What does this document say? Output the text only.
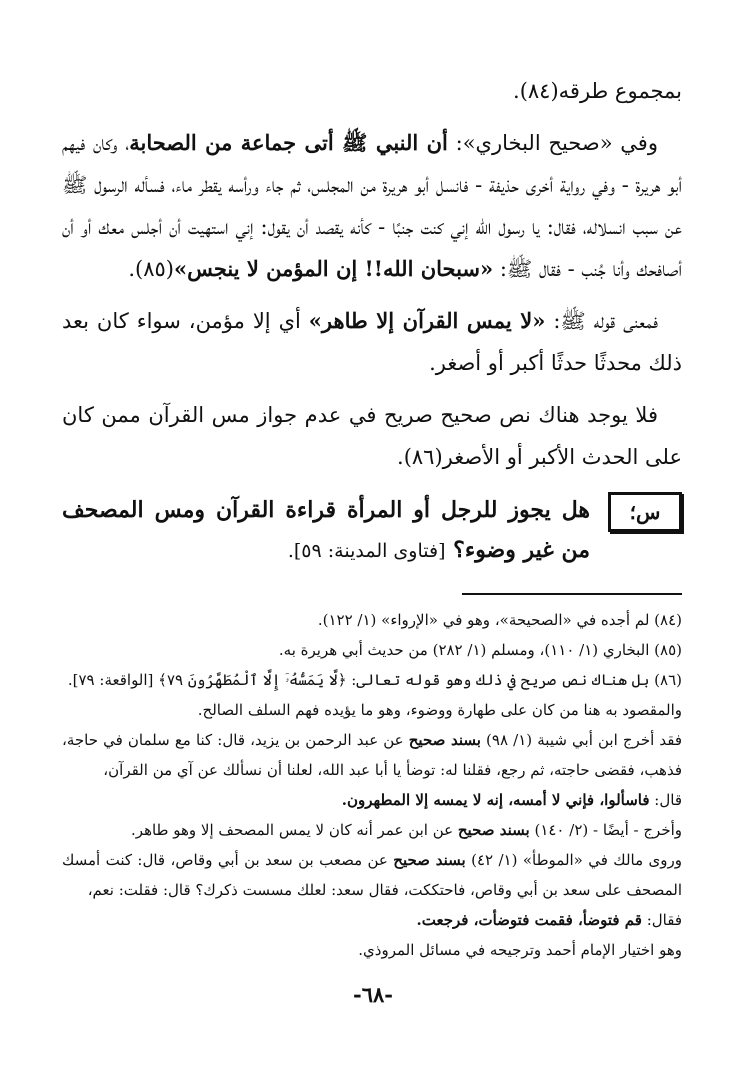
بمجموع طرقه(٨٤).

وفي «صحيح البخاري»: أن النبي ﷺ أتى جماعة من الصحابة، وكان فيهم أبو هريرة - وفي رواية أخرى حذيفة - فانسل أبو هريرة من المجلس، ثم جاء ورأسه يقطر ماء، فسأله الرسول ﷺ عن سبب انسلاله، فقال: يا رسول الله إني كنت جنبًا - كأنه يقصد أن يقول: إني استهيت أن أجلس معك أو أن أصافحك وأنا جُنب - فقال ﷺ: «سبحان الله!! إن المؤمن لا ينجس»(٨٥).

فمعنى قوله ﷺ: «لا يمس القرآن إلا طاهر» أي إلا مؤمن، سواء كان بعد ذلك محدثًا حدثًا أكبر أو أصغر.

فلا يوجد هناك نص صحيح صريح في عدم جواز مس القرآن ممن كان على الحدث الأكبر أو الأصغر(٨٦).

س؛
هل يجوز للرجل أو المرأة قراءة القرآن ومس المصحف من غير وضوء؟ [فتاوى المدينة: ٥٩].

(٨٤) لم أجده في «الصحيحة»، وهو في «الإرواء» (١/ ١٢٢).

(٨٥) البخاري (١/ ١١٠)، ومسلم (١/ ٢٨٢) من حديث أبي هريرة به.

(٨٦) بل هناك نص صريح في ذلك وهو قوله تعالى: ﴿لَّا يَمَسُّهُۥٓ إِلَّا ٱلْمُطَهَّرُونَ ٧٩﴾ [الواقعة: ٧٩].

والمقصود به هنا من كان على طهارة ووضوء، وهو ما يؤيده فهم السلف الصالح.

فقد أخرج ابن أبي شيبة (١/ ٩٨) بسند صحيح عن عبد الرحمن بن يزيد، قال: كنا مع سلمان في حاجة، فذهب، فقضى حاجته، ثم رجع، فقلنا له: توضأ يا أبا عبد الله، لعلنا أن نسألك عن آي من القرآن،

قال: فاسألوا، فإني لا أمسه، إنه لا يمسه إلا المطهرون.

وأخرج - أيضًا - (٢/ ١٤٠) بسند صحيح عن ابن عمر أنه كان لا يمس المصحف إلا وهو طاهر.

وروى مالك في «الموطأ» (١/ ٤٢) بسند صحيح عن مصعب بن سعد بن أبي وقاص، قال: كنت أمسك المصحف على سعد بن أبي وقاص، فاحتككت، فقال سعد: لعلك مسست ذكرك؟ قال: فقلت: نعم،

فقال: قم فتوضأ، فقمت فتوضأت، فرجعت.

وهو اختيار الإمام أحمد وترجيحه في مسائل المروذي.

-٦٨-
